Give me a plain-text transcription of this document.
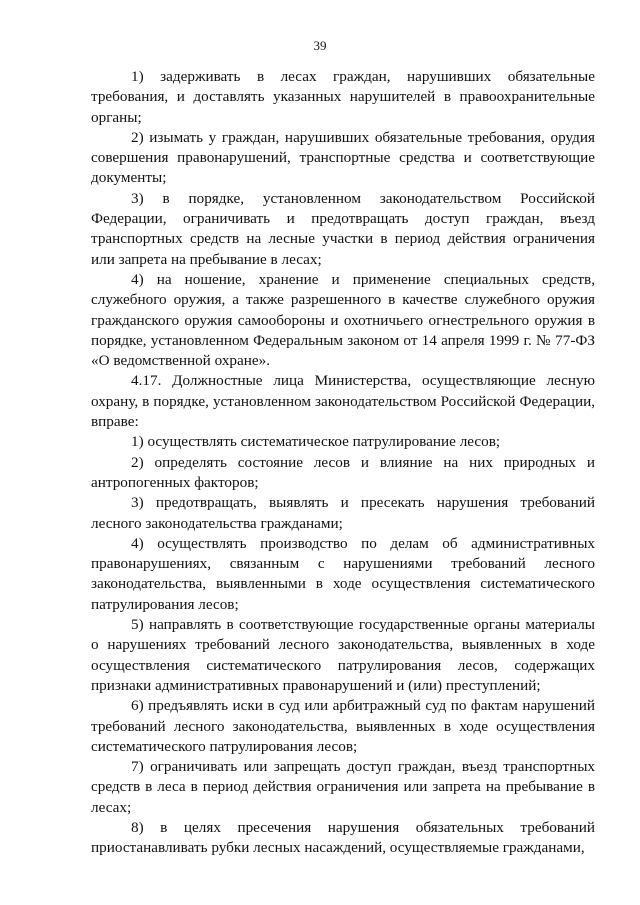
39

1) задерживать в лесах граждан, нарушивших обязательные требования, и доставлять указанных нарушителей в правоохранительные органы;

2) изымать у граждан, нарушивших обязательные требования, орудия совершения правонарушений, транспортные средства и соответствующие документы;

3) в порядке, установленном законодательством Российской Федерации, ограничивать и предотвращать доступ граждан, въезд транспортных средств на лесные участки в период действия ограничения или запрета на пребывание в лесах;

4) на ношение, хранение и применение специальных средств, служебного оружия, а также разрешенного в качестве служебного оружия гражданского оружия самообороны и охотничьего огнестрельного оружия в порядке, установленном Федеральным законом от 14 апреля 1999 г. № 77-ФЗ «О ведомственной охране».

4.17. Должностные лица Министерства, осуществляющие лесную охрану, в порядке, установленном законодательством Российской Федерации, вправе:

1) осуществлять систематическое патрулирование лесов;

2) определять состояние лесов и влияние на них природных и антропогенных факторов;

3) предотвращать, выявлять и пресекать нарушения требований лесного законодательства гражданами;

4) осуществлять производство по делам об административных правонарушениях, связанным с нарушениями требований лесного законодательства, выявленными в ходе осуществления систематического патрулирования лесов;

5) направлять в соответствующие государственные органы материалы о нарушениях требований лесного законодательства, выявленных в ходе осуществления систематического патрулирования лесов, содержащих признаки административных правонарушений и (или) преступлений;

6) предъявлять иски в суд или арбитражный суд по фактам нарушений требований лесного законодательства, выявленных в ходе осуществления систематического патрулирования лесов;

7) ограничивать или запрещать доступ граждан, въезд транспортных средств в леса в период действия ограничения или запрета на пребывание в лесах;

8) в целях пресечения нарушения обязательных требований приостанавливать рубки лесных насаждений, осуществляемые гражданами,
